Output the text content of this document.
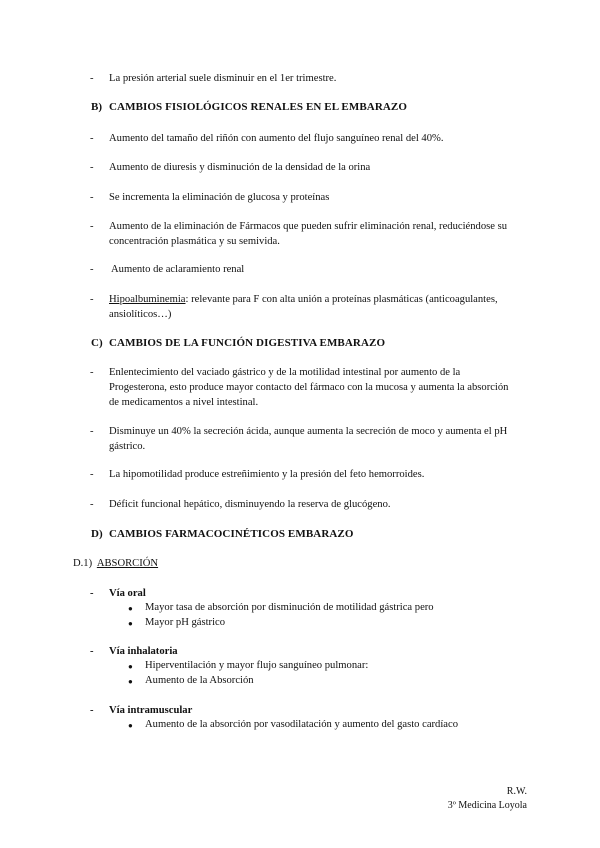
- La presión arterial suele disminuir en el 1er trimestre.
B) CAMBIOS FISIOLÓGICOS RENALES EN EL EMBARAZO
- Aumento del tamaño del riñón con aumento del flujo sanguíneo renal del 40%.
- Aumento de diuresis y disminución de la densidad de la orina
- Se incrementa la eliminación de glucosa y proteínas
- Aumento de la eliminación de Fármacos que pueden sufrir eliminación renal, reduciéndose su
concentración plasmática y su semivida.
- Aumento de aclaramiento renal
- Hipoalbuminemia: relevante para F con alta unión a proteínas plasmáticas (anticoagulantes,
ansiolíticos…)
C) CAMBIOS DE LA FUNCIÓN DIGESTIVA EMBARAZO
- Enlentecimiento del vaciado gástrico y de la motilidad intestinal por aumento de la
Progesterona, esto produce mayor contacto del fármaco con la mucosa y aumenta la absorción
de medicamentos a nivel intestinal.
- Disminuye un 40% la secreción ácida, aunque aumenta la secreción de moco y aumenta el pH
gástrico.
- La hipomotilidad produce estreñimiento y la presión del feto hemorroides.
- Déficit funcional hepático, disminuyendo la reserva de glucógeno.
D) CAMBIOS FARMACOCINÉTICOS EMBARAZO
D.1) ABSORCIÓN
- Vía oral
● Mayor tasa de absorción por disminución de motilidad gástrica pero
● Mayor pH gástrico
- Vía inhalatoria
● Hiperventilación y mayor flujo sanguíneo pulmonar:
● Aumento de la Absorción
- Vía intramuscular
● Aumento de la absorción por vasodilatación y aumento del gasto cardíaco
R.W.
3º Medicina Loyola
